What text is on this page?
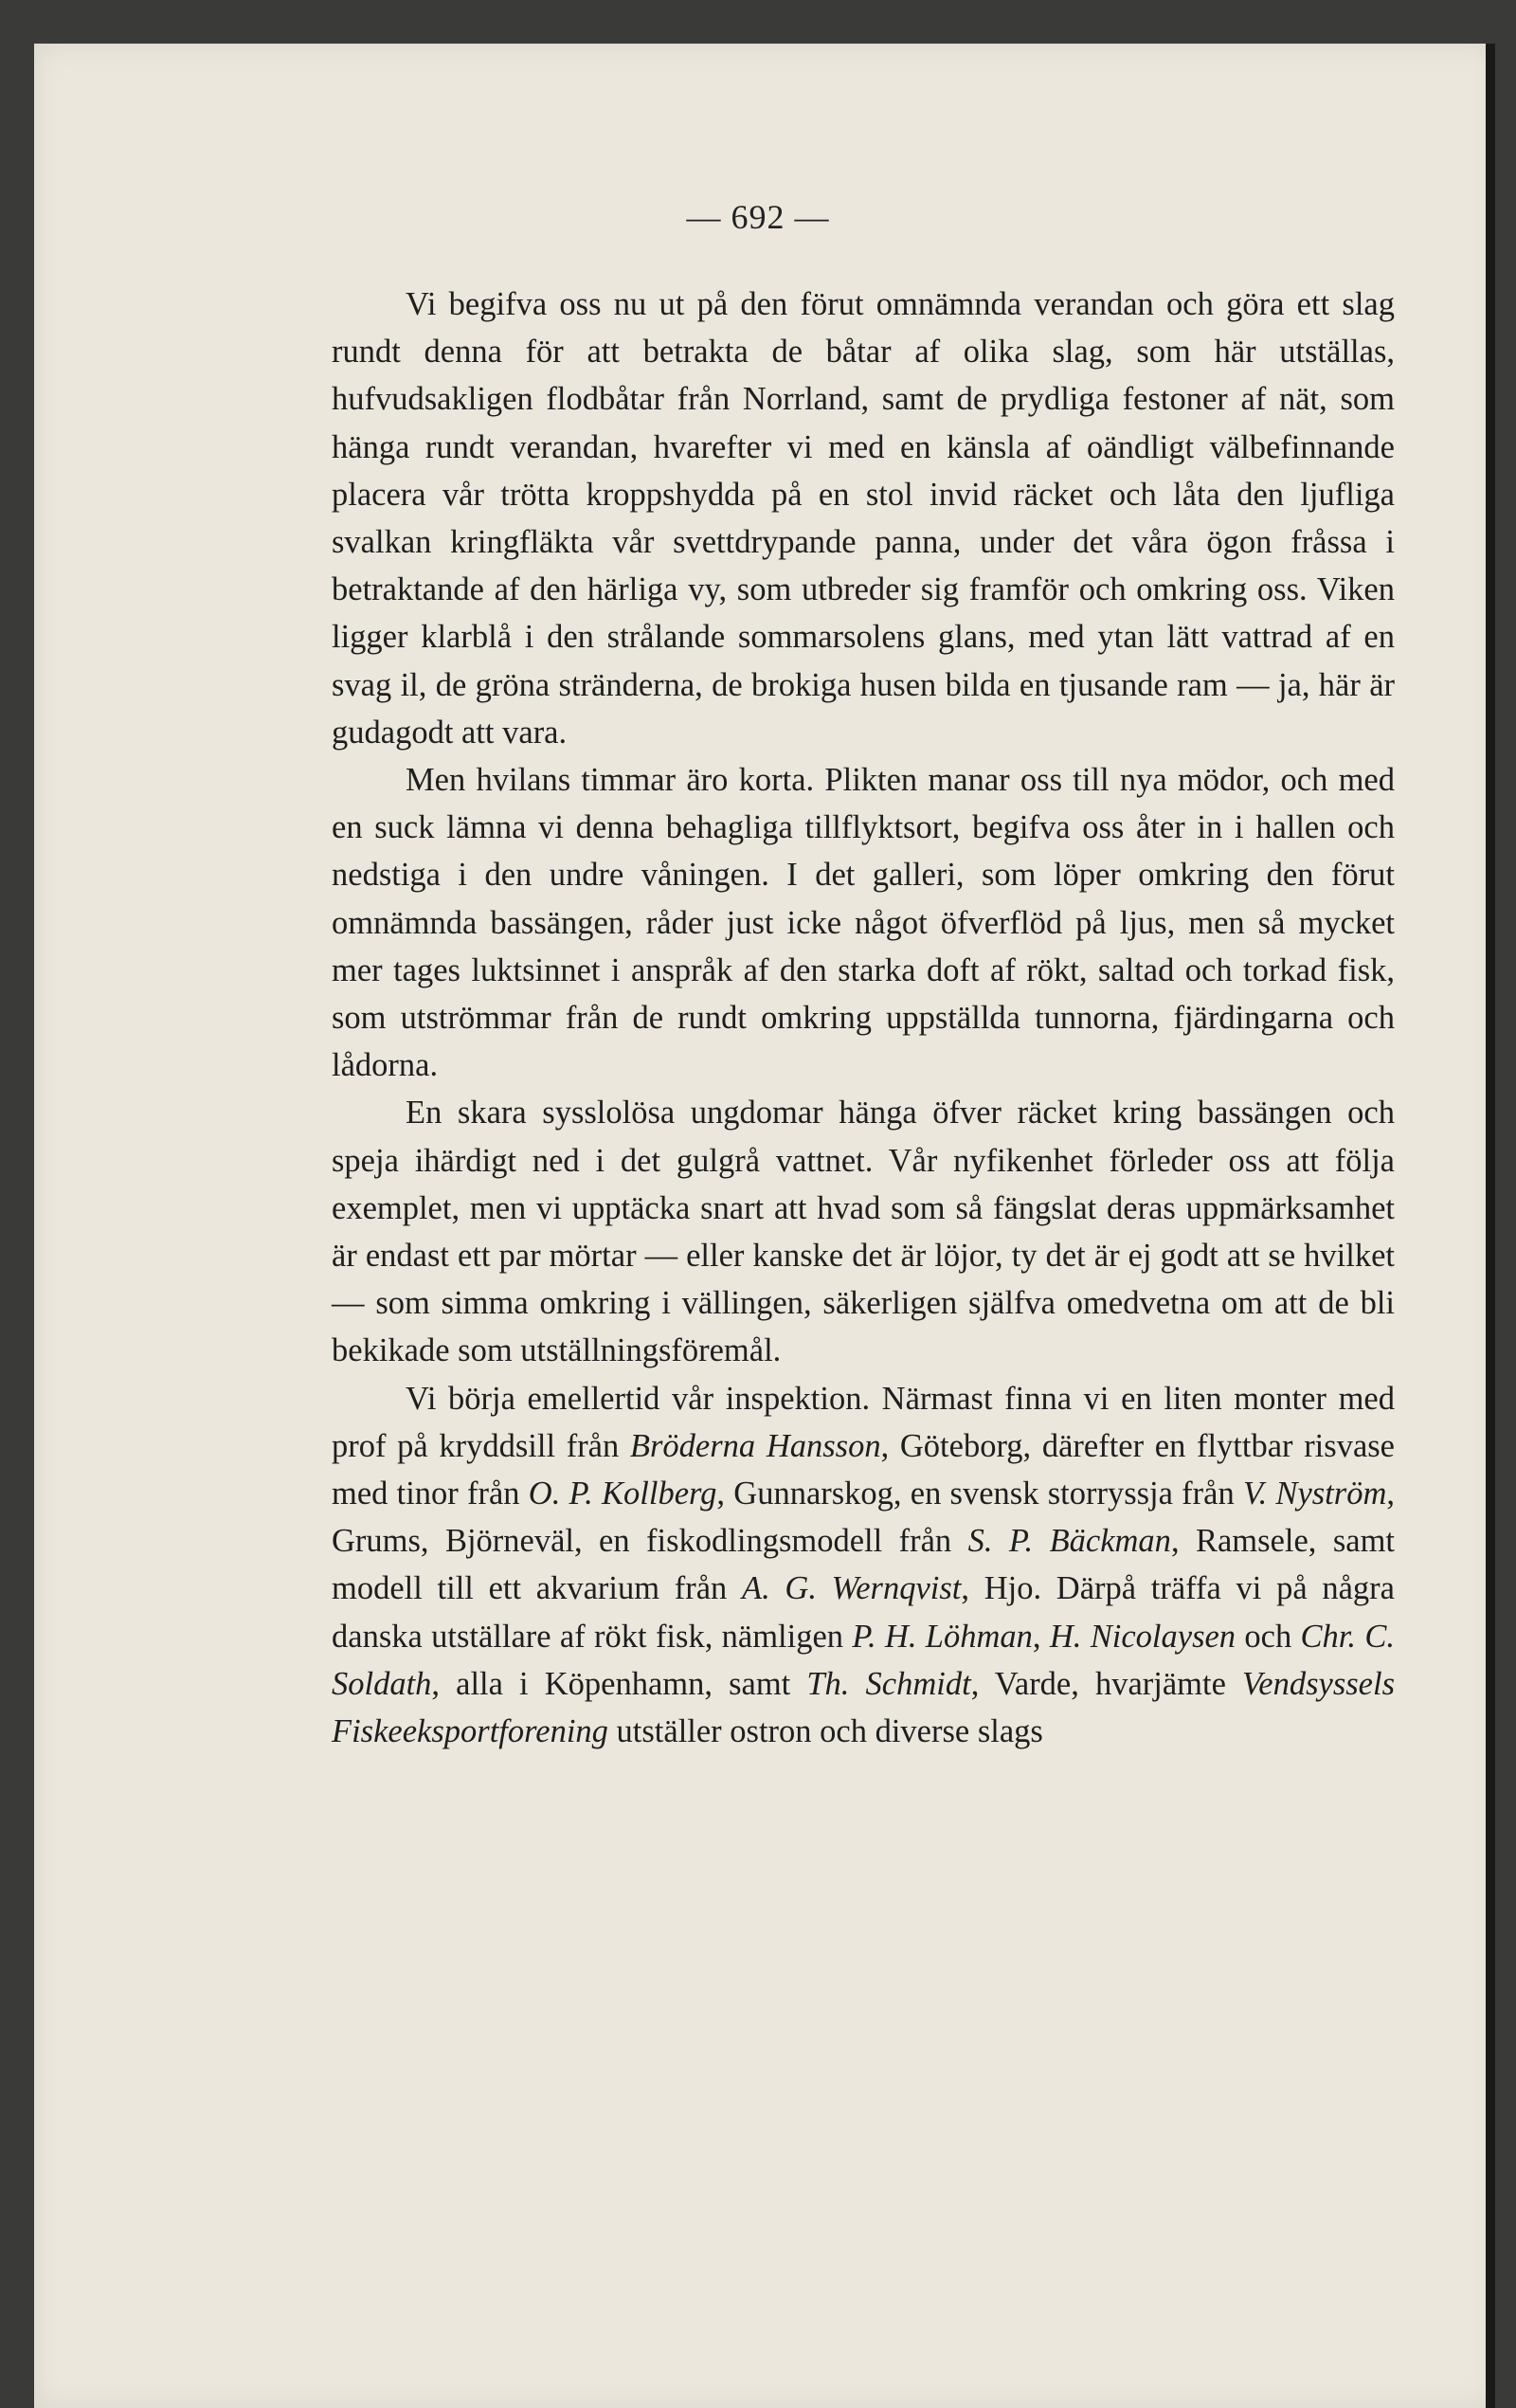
— 692 —

Vi begifva oss nu ut på den förut omnämnda verandan och göra ett slag rundt denna för att betrakta de båtar af olika slag, som här utställas, hufvudsakligen flodbåtar från Norrland, samt de prydliga festoner af nät, som hänga rundt verandan, hvarefter vi med en känsla af oändligt välbefinnande placera vår trötta kroppshydda på en stol invid räcket och låta den ljufliga svalkan kringfläkta vår svettdrypande panna, under det våra ögon fråssa i betraktande af den härliga vy, som utbreder sig framför och omkring oss. Viken ligger klarblå i den strålande sommarsolens glans, med ytan lätt vattrad af en svag il, de gröna stränderna, de brokiga husen bilda en tjusande ram — ja, här är gudagodt att vara.

Men hvilans timmar äro korta. Plikten manar oss till nya mödor, och med en suck lämna vi denna behagliga tillflyktsort, begifva oss åter in i hallen och nedstiga i den undre våningen. I det galleri, som löper omkring den förut omnämnda bassängen, råder just icke något öfverflöd på ljus, men så mycket mer tages luktsinnet i anspråk af den starka doft af rökt, saltad och torkad fisk, som utströmmar från de rundt omkring uppställda tunnorna, fjärdingarna och lådorna.

En skara sysslolösa ungdomar hänga öfver räcket kring bassängen och speja ihärdigt ned i det gulgrå vattnet. Vår nyfikenhet förleder oss att följa exemplet, men vi upptäcka snart att hvad som så fängslat deras uppmärksamhet är endast ett par mörtar — eller kanske det är löjor, ty det är ej godt att se hvilket — som simma omkring i vällingen, säkerligen själfva omedvetna om att de bli bekikade som utställningsföremål.

Vi börja emellertid vår inspektion. Närmast finna vi en liten monter med prof på kryddsill från Bröderna Hansson, Göteborg, därefter en flyttbar risvase med tinor från O. P. Kollberg, Gunnarskog, en svensk storryssja från V. Nyström, Grums, Björneväl, en fiskodlingsmodell från S. P. Bäckman, Ramsele, samt modell till ett akvarium från A. G. Wernqvist, Hjo. Därpå träffa vi på några danska utställare af rökt fisk, nämligen P. H. Löhman, H. Nicolaysen och Chr. C. Soldath, alla i Köpenhamn, samt Th. Schmidt, Varde, hvarjämte Vendsyssels Fiskeeksportforening utställer ostron och diverse slags
